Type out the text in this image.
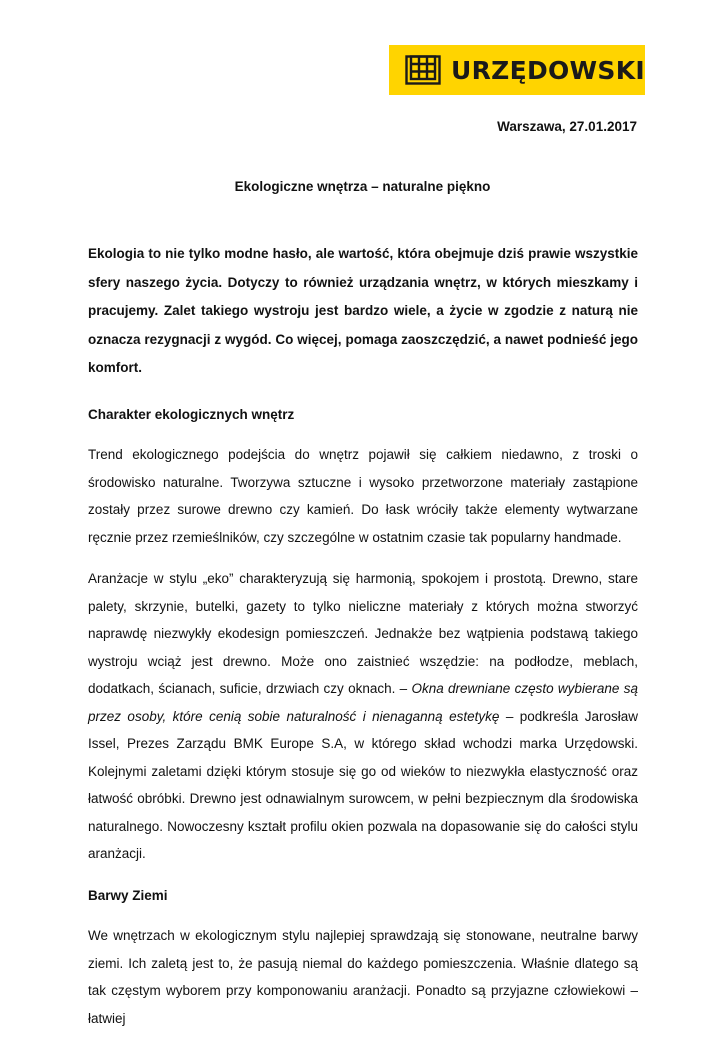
URZĘDOWSKI
Warszawa, 27.01.2017
Ekologiczne wnętrza – naturalne piękno

Ekologia to nie tylko modne hasło, ale wartość, która obejmuje dziś prawie wszystkie sfery naszego życia. Dotyczy to również urządzania wnętrz, w których mieszkamy i pracujemy. Zalet takiego wystroju jest bardzo wiele, a życie w zgodzie z naturą nie oznacza rezygnacji z wygód. Co więcej, pomaga zaoszczędzić, a nawet podnieść jego komfort.

Charakter ekologicznych wnętrz

Trend ekologicznego podejścia do wnętrz pojawił się całkiem niedawno, z troski o środowisko naturalne. Tworzywa sztuczne i wysoko przetworzone materiały zastąpione zostały przez surowe drewno czy kamień. Do łask wróciły także elementy wytwarzane ręcznie przez rzemieślników, czy szczególne w ostatnim czasie tak popularny handmade.

Aranżacje w stylu „eko” charakteryzują się harmonią, spokojem i prostotą. Drewno, stare palety, skrzynie, butelki, gazety to tylko nieliczne materiały z których można stworzyć naprawdę niezwykły ekodesign pomieszczeń. Jednakże bez wątpienia podstawą takiego wystroju wciąż jest drewno. Może ono zaistnieć wszędzie: na podłodze, meblach, dodatkach, ścianach, suficie, drzwiach czy oknach. – Okna drewniane często wybierane są przez osoby, które cenią sobie naturalność i nienaganną estetykę – podkreśla Jarosław Issel, Prezes Zarządu BMK Europe S.A, w którego skład wchodzi marka Urzędowski. Kolejnymi zaletami dzięki którym stosuje się go od wieków to niezwykła elastyczność oraz łatwość obróbki. Drewno jest odnawialnym surowcem, w pełni bezpiecznym dla środowiska naturalnego. Nowoczesny kształt profilu okien pozwala na dopasowanie się do całości stylu aranżacji.

Barwy Ziemi

We wnętrzach w ekologicznym stylu najlepiej sprawdzają się stonowane, neutralne barwy ziemi. Ich zaletą jest to, że pasują niemal do każdego pomieszczenia. Właśnie dlatego są tak częstym wyborem przy komponowaniu aranżacji. Ponadto są przyjazne człowiekowi – łatwiej
